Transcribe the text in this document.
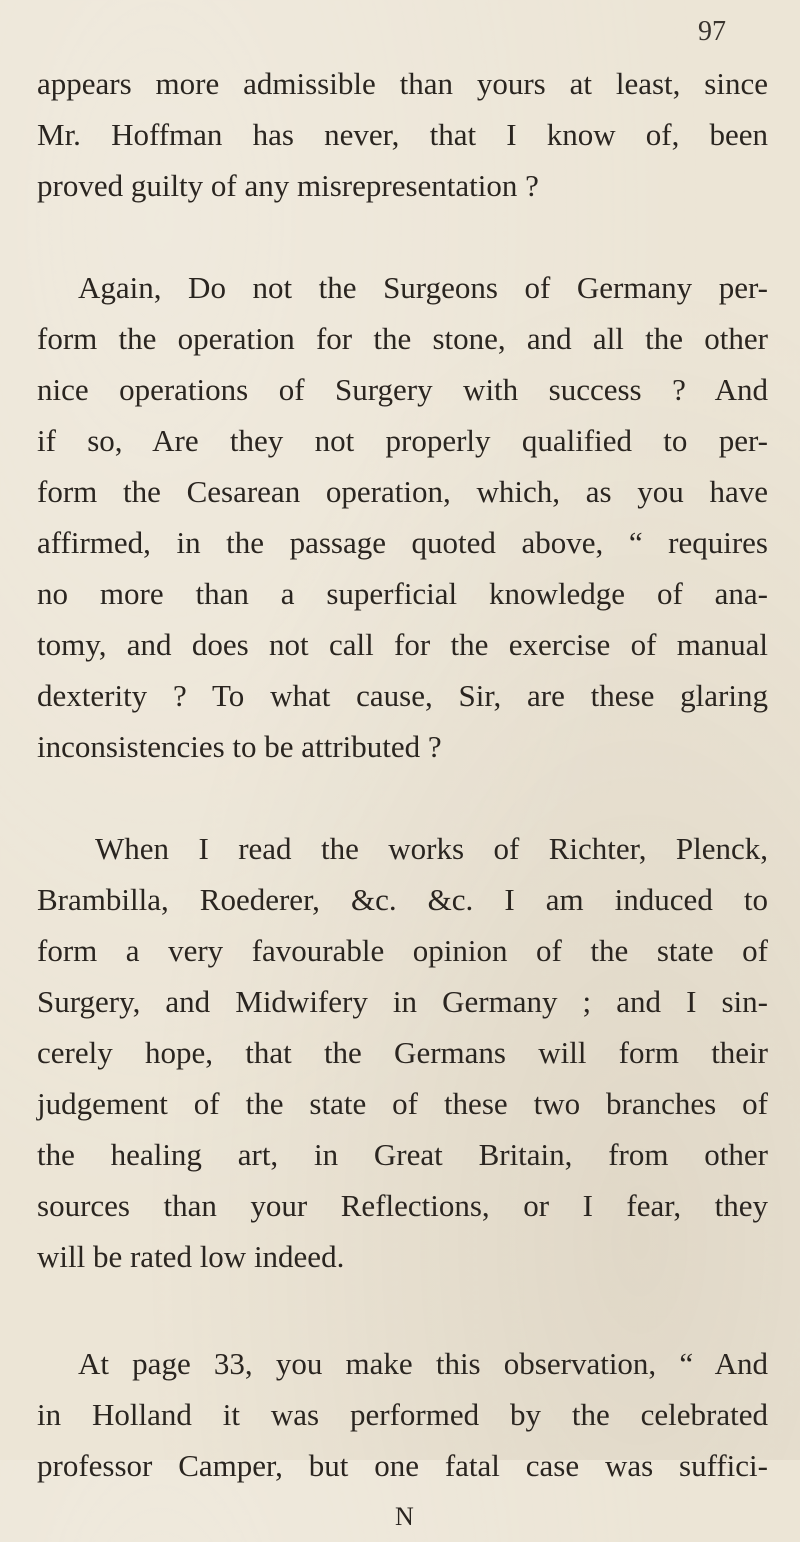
97
appears more admissible than yours at least, since
Mr. Hoffman has never, that I know of, been
proved guilty of any misrepresentation ?
Again, Do not the Surgeons of Germany per-
form the operation for the stone, and all the other
nice operations of Surgery with success ? And
if so, Are they not properly qualified to per-
form the Cesarean operation, which, as you have
affirmed, in the passage quoted above, “ requires
no more than a superficial knowledge of ana-
tomy, and does not call for the exercise of manual
dexterity ? To what cause, Sir, are these glaring
inconsistencies to be attributed ?
When I read the works of Richter, Plenck,
Brambilla, Roederer, &c. &c. I am induced to
form a very favourable opinion of the state of
Surgery, and Midwifery in Germany ; and I sin-
cerely hope, that the Germans will form their
judgement of the state of these two branches of
the healing art, in Great Britain, from other
sources than your Reflections, or I fear, they
will be rated low indeed.
At page 33, you make this observation, “ And
in Holland it was performed by the celebrated
professor Camper, but one fatal case was suffici-
N
